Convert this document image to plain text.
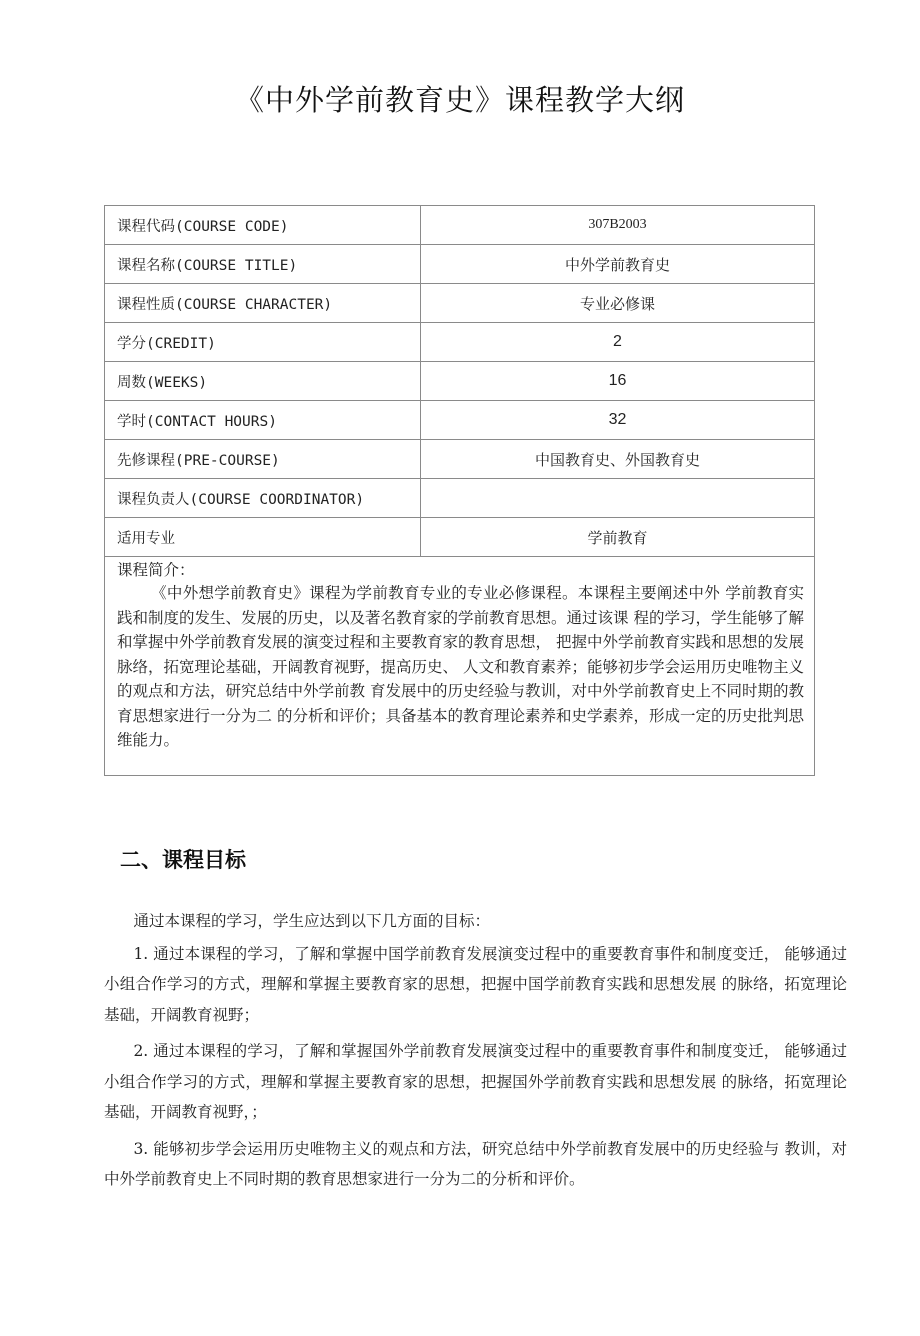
《中外学前教育史》课程教学大纲
课程代码(COURSE CODE)	307B2003
课程名称(COURSE TITLE)	中外学前教育史
课程性质(COURSE CHARACTER)	专业必修课
学分(CREDIT)	2
周数(WEEKS)	16
学时(CONTACT HOURS)	32
先修课程(PRE-COURSE)	中国教育史、外国教育史
课程负责人(COURSE COORDINATOR)	
适用专业	学前教育

课程简介：

《中外想学前教育史》课程为学前教育专业的专业必修课程。本课程主要阐述中外 学前教育实践和制度的发生、发展的历史，以及著名教育家的学前教育思想。通过该课 程的学习，学生能够了解和掌握中外学前教育发展的演变过程和主要教育家的教育思想， 把握中外学前教育实践和思想的发展脉络，拓宽理论基础，开阔教育视野，提高历史、 人文和教育素养；能够初步学会运用历史唯物主义的观点和方法，研究总结中外学前教 育发展中的历史经验与教训，对中外学前教育史上不同时期的教育思想家进行一分为二 的分析和评价；具备基本的教育理论素养和史学素养，形成一定的历史批判思维能力。	

二、课程目标

通过本课程的学习，学生应达到以下几方面的目标：

1. 通过本课程的学习，了解和掌握中国学前教育发展演变过程中的重要教育事件和制度变迁， 能够通过小组合作学习的方式，理解和掌握主要教育家的思想，把握中国学前教育实践和思想发展 的脉络，拓宽理论基础，开阔教育视野；

2. 通过本课程的学习，了解和掌握国外学前教育发展演变过程中的重要教育事件和制度变迁， 能够通过小组合作学习的方式，理解和掌握主要教育家的思想，把握国外学前教育实践和思想发展 的脉络，拓宽理论基础，开阔教育视野，；

3. 能够初步学会运用历史唯物主义的观点和方法，研究总结中外学前教育发展中的历史经验与 教训，对中外学前教育史上不同时期的教育思想家进行一分为二的分析和评价。
